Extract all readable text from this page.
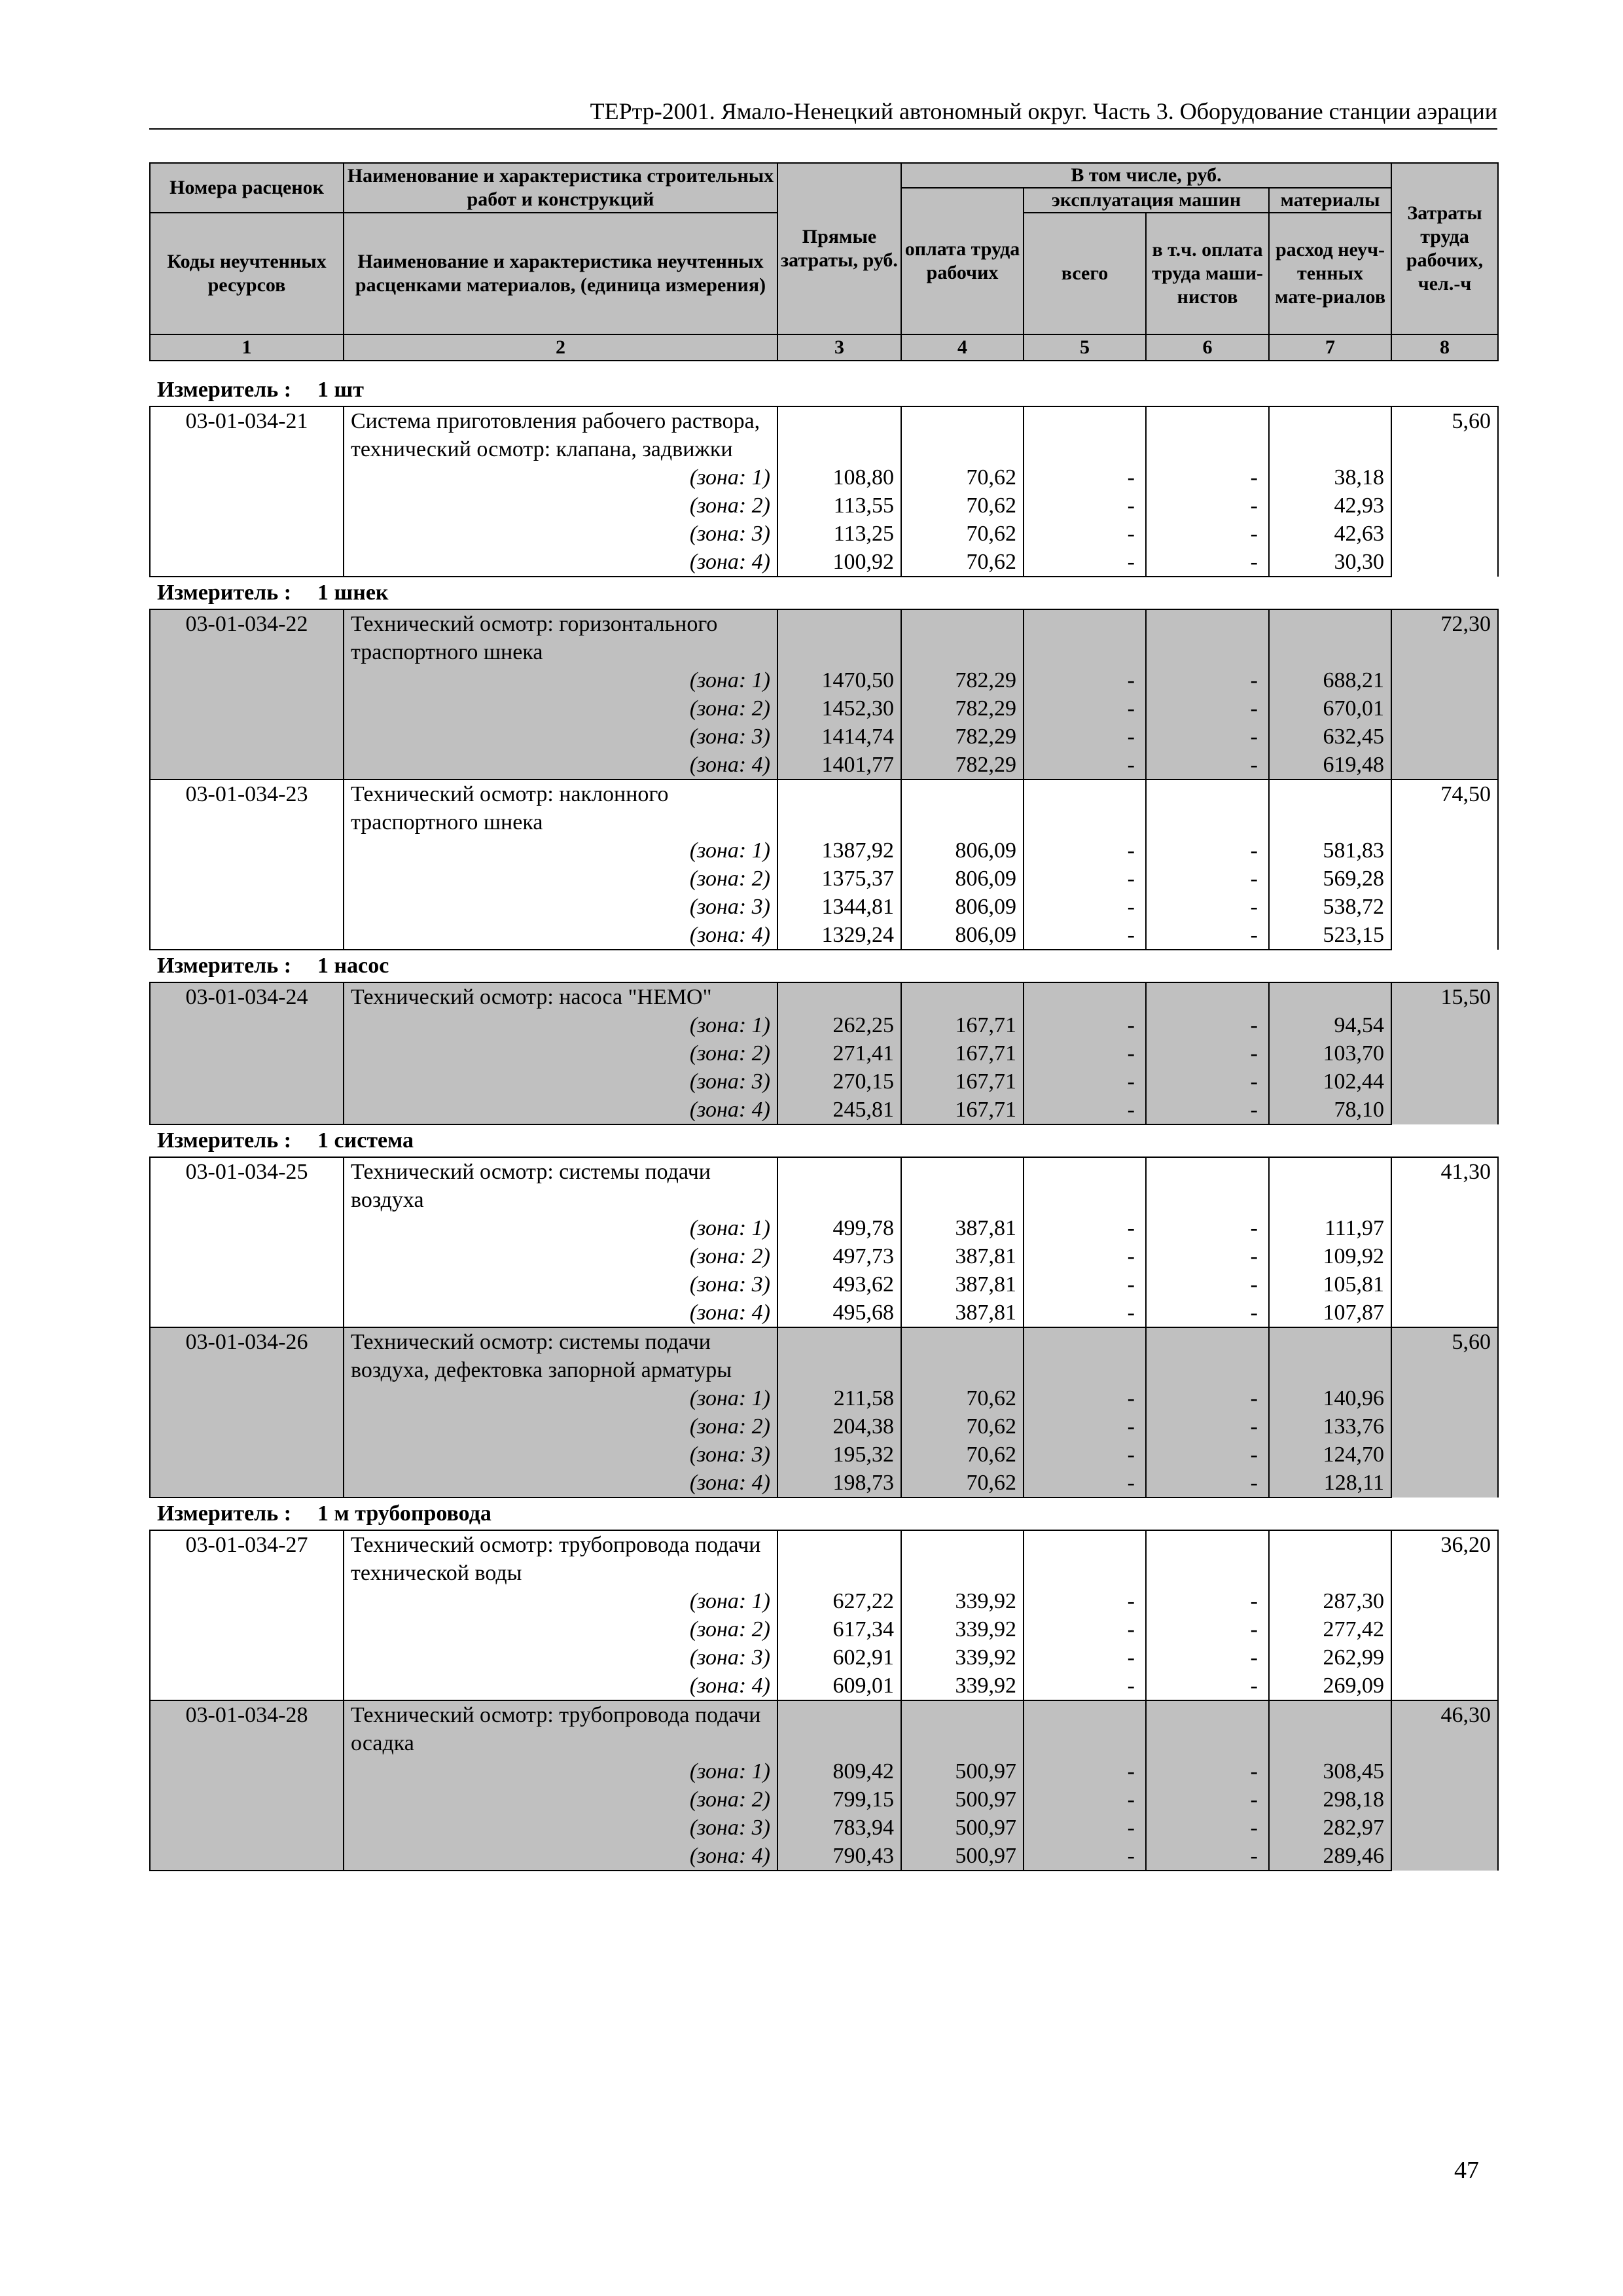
ТЕРтр-2001. Ямало-Ненецкий автономный округ. Часть 3. Оборудование станции аэрации
Номера расценок	Наименование и характеристика строительных работ и конструкций	Прямые затраты, руб.	В том числе, руб.				Затраты труда рабочих, чел.-ч
			оплата труда рабочих	эксплуатация машин		материалы	
Коды неучтенных ресурсов	Наименование и характеристика неучтенных расценками материалов, (единица измерения)			всего	в т.ч. оплата труда маши-нистов	расход неуч-тенных мате-риалов	

1	2	3	4	5	6	7	8
Измеритель : 1 шт
03-01-034-21	Система приготовления рабочего раствора, технический осмотр: клапана, задвижки						5,60
	(зона: 1)	108,80	70,62	-	-	38,18	
	(зона: 2)	113,55	70,62	-	-	42,93	
	(зона: 3)	113,25	70,62	-	-	42,63	
	(зона: 4)	100,92	70,62	-	-	30,30	
Измеритель : 1 шнек
03-01-034-22	Технический осмотр: горизонтального траспортного шнека						72,30
	(зона: 1)	1470,50	782,29	-	-	688,21	
	(зона: 2)	1452,30	782,29	-	-	670,01	
	(зона: 3)	1414,74	782,29	-	-	632,45	
	(зона: 4)	1401,77	782,29	-	-	619,48	
03-01-034-23	Технический осмотр: наклонного траспортного шнека						74,50
	(зона: 1)	1387,92	806,09	-	-	581,83	
	(зона: 2)	1375,37	806,09	-	-	569,28	
	(зона: 3)	1344,81	806,09	-	-	538,72	
	(зона: 4)	1329,24	806,09	-	-	523,15	
Измеритель : 1 насос
03-01-034-24	Технический осмотр: насоса "НЕМО"						15,50
	(зона: 1)	262,25	167,71	-	-	94,54	
	(зона: 2)	271,41	167,71	-	-	103,70	
	(зона: 3)	270,15	167,71	-	-	102,44	
	(зона: 4)	245,81	167,71	-	-	78,10	
Измеритель : 1 система
03-01-034-25	Технический осмотр: системы подачи воздуха						41,30
	(зона: 1)	499,78	387,81	-	-	111,97	
	(зона: 2)	497,73	387,81	-	-	109,92	
	(зона: 3)	493,62	387,81	-	-	105,81	
	(зона: 4)	495,68	387,81	-	-	107,87	
03-01-034-26	Технический осмотр: системы подачи воздуха, дефектовка запорной арматуры						5,60
	(зона: 1)	211,58	70,62	-	-	140,96	
	(зона: 2)	204,38	70,62	-	-	133,76	
	(зона: 3)	195,32	70,62	-	-	124,70	
	(зона: 4)	198,73	70,62	-	-	128,11	
Измеритель : 1 м трубопровода
03-01-034-27	Технический осмотр: трубопровода подачи технической воды						36,20
	(зона: 1)	627,22	339,92	-	-	287,30	
	(зона: 2)	617,34	339,92	-	-	277,42	
	(зона: 3)	602,91	339,92	-	-	262,99	
	(зона: 4)	609,01	339,92	-	-	269,09	
03-01-034-28	Технический осмотр: трубопровода подачи осадка						46,30
	(зона: 1)	809,42	500,97	-	-	308,45	
	(зона: 2)	799,15	500,97	-	-	298,18	
	(зона: 3)	783,94	500,97	-	-	282,97	
	(зона: 4)	790,43	500,97	-	-	289,46	
47
